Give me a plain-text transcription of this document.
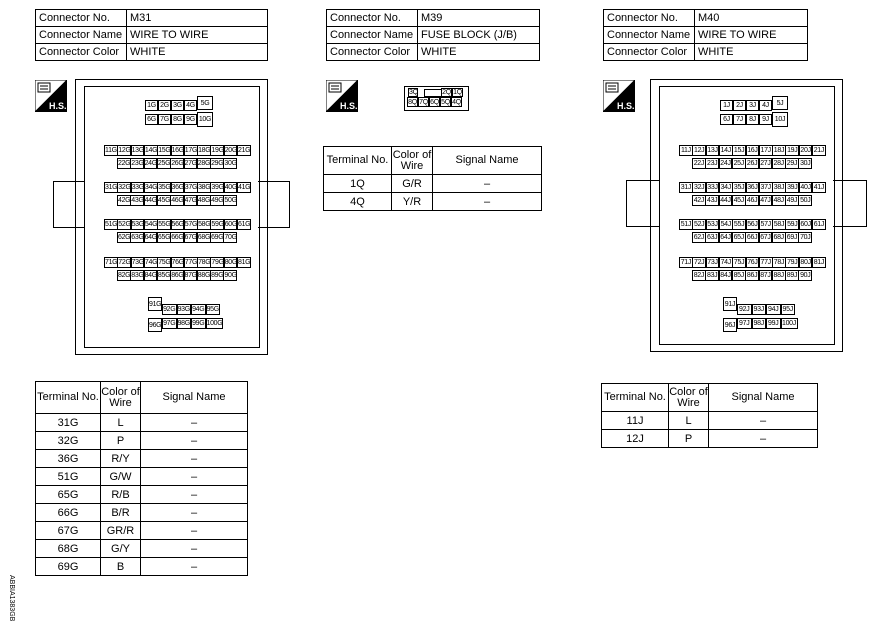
Connector No.	M31
Connector Name	WIRE TO WIRE
Connector Color	WHITE
H.S.	1G 2G 3G 4G 5G
6G 7G 8G 9G 10G
11G 12G 13G 14G 15G 16G 17G 18G 19G 20G 21G
22G 23G 24G 25G 26G 27G 28G 29G 30G
31G 32G 33G 34G 35G 36G 37G 38G 39G 40G 41G
42G 43G 44G 45G 46G 47G 48G 49G 50G
51G 52G 53G 54G 55G 56G 57G 58G 59G 60G 61G
62G 63G 64G 65G 66G 67G 68G 69G 70G
71G 72G 73G 74G 75G 76G 77G 78G 79G 80G 81G
82G 83G 84G 85G 86G 87G 88G 89G 90G
91G
92G 93G 94G 95G
96G 97G 98G 99G 100G
Terminal No.	Color of Wire	Signal Name
31G	L	–
32G	P	–
36G	R/Y	–
51G	G/W	–
65G	R/B	–
66G	B/R	–
67G	GR/R	–
68G	G/Y	–
69G	B	–
Connector No.	M39
Connector Name	FUSE BLOCK (J/B)
Connector Color	WHITE
H.S.
3Q	2Q 1Q
8Q 7Q 6Q 5Q 4Q
Terminal No.	Color of Wire	Signal Name
1Q	G/R	–
4Q	Y/R	–
Connector No.	M40
Connector Name	WIRE TO WIRE
Connector Color	WHITE
H.S.	1J 2J 3J 4J	5J
6J 7J 8J 9J 10J
11J 12J 13J 14J 15J 16J 17J 18J 19J 20J 21J
22J 23J 24J 25J 26J 27J 28J 29J 30J
31J 32J 33J 34J 35J 36J 37J 38J 39J 40J 41J
42J 43J 44J 45J 46J 47J 48J 49J 50J
51J 52J 53J 54J 55J 56J 57J 58J 59J 60J 61J
62J 63J 64J 65J 66J 67J 68J 69J 70J
71J 72J 73J 74J 75J 76J 77J 78J 79J 80J 81J
82J 83J 84J 85J 86J 87J 88J 89J 90J
91J
92J 93J 94J 95J
96J 97J 98J 99J 100J
Terminal No.	Color of Wire	Signal Name
11J	L	–
12J	P	–
ABBIA1383GB
